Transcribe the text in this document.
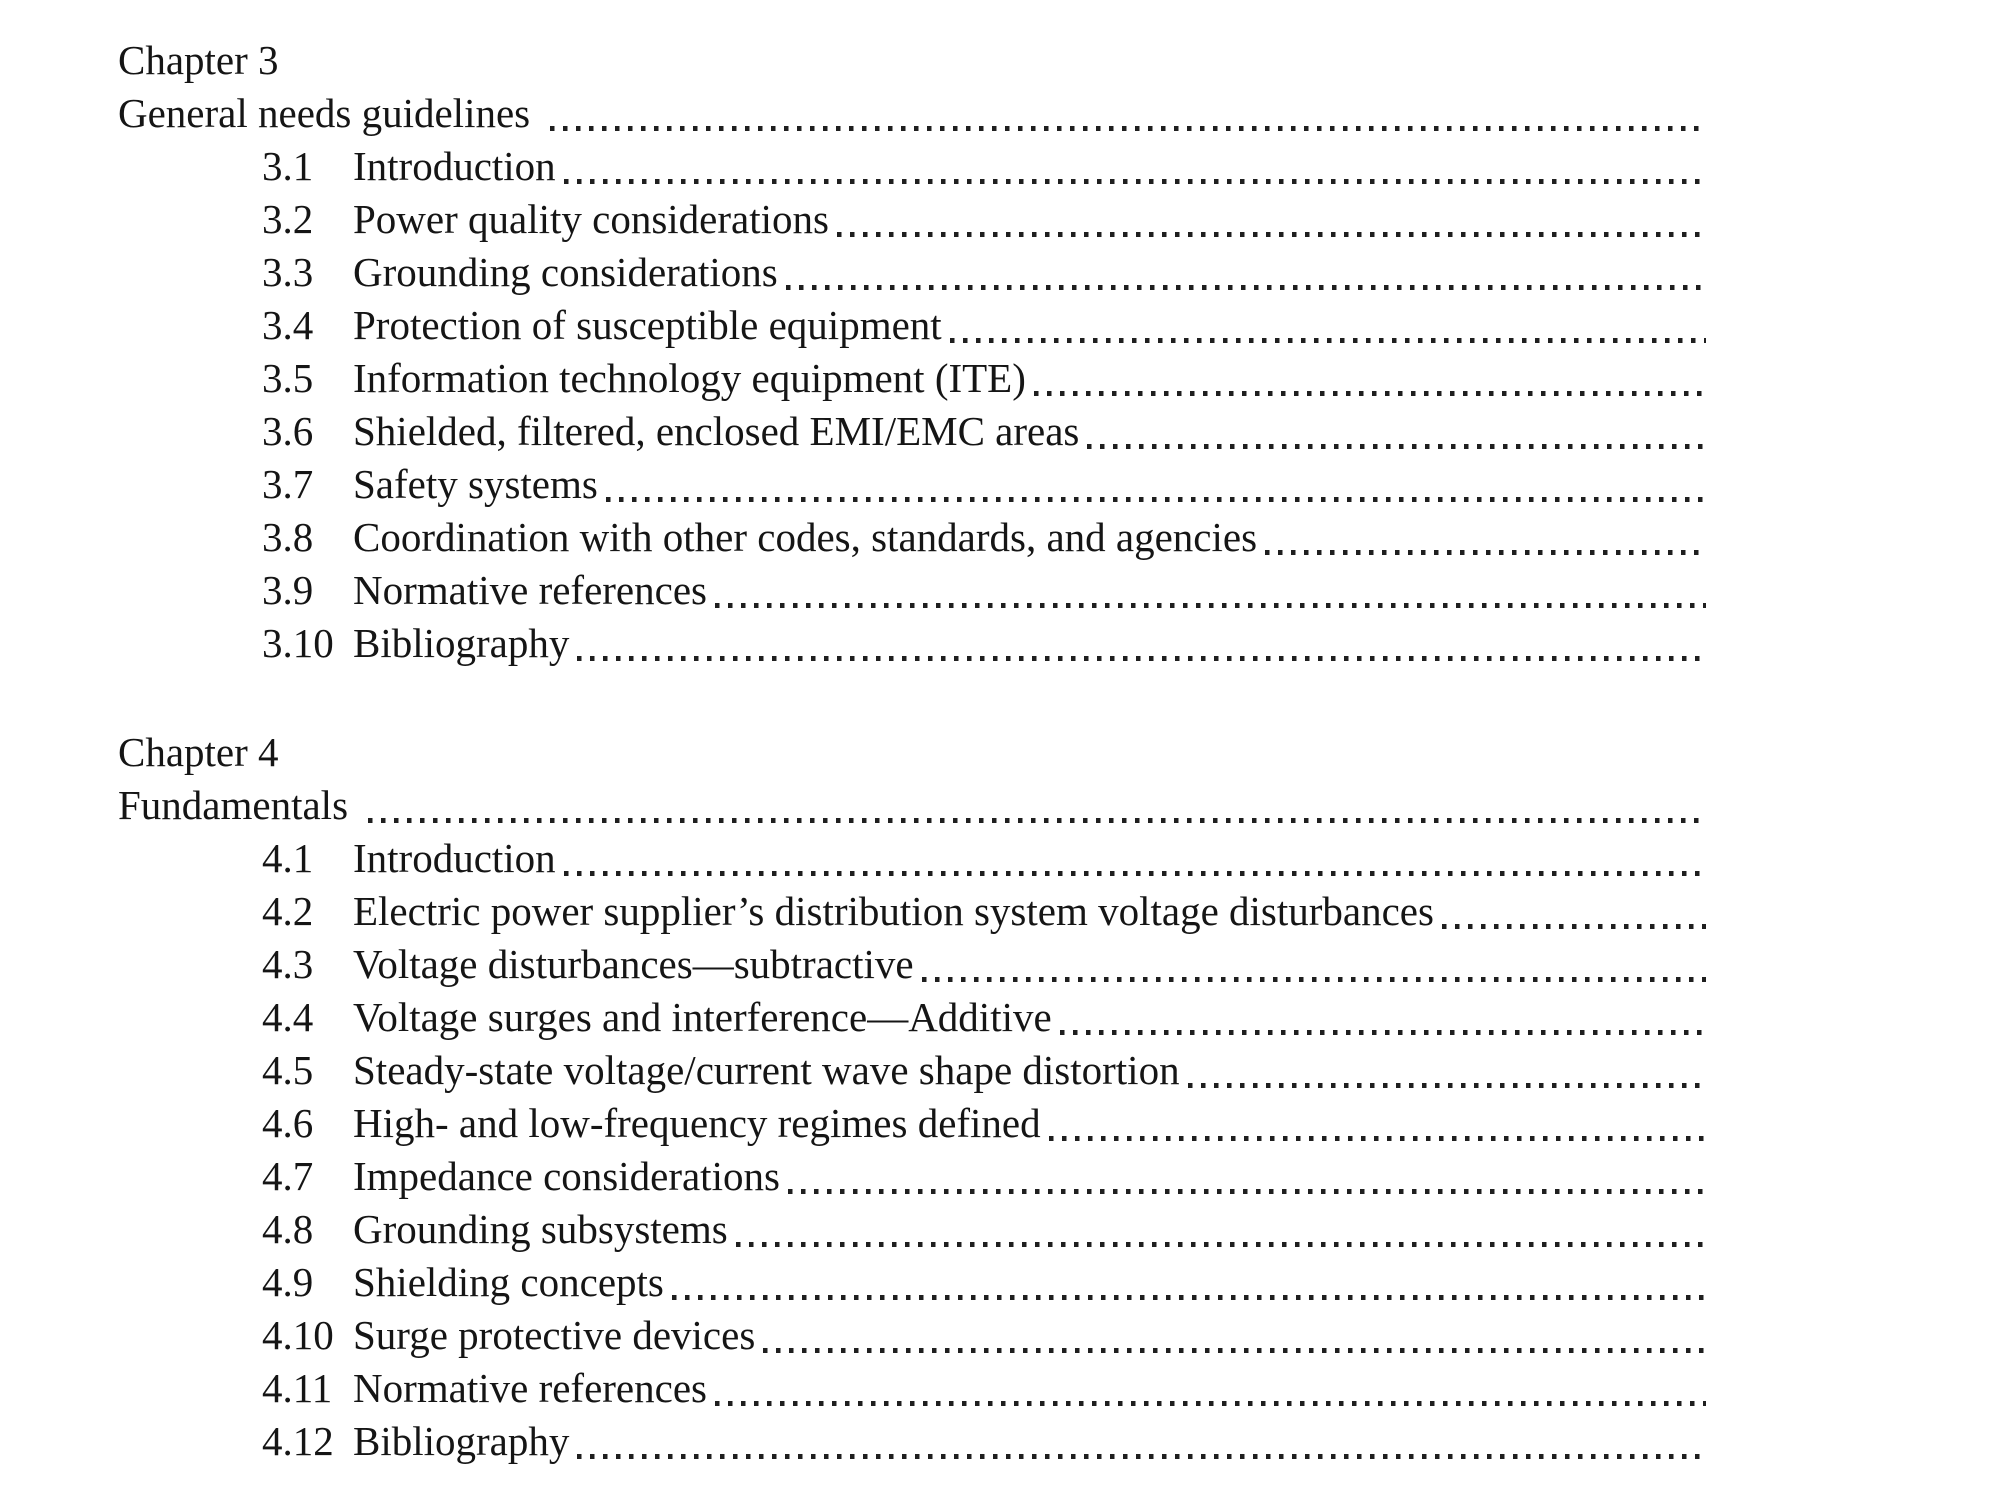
Chapter 3
General needs guidelines
3.1 Introduction
3.2 Power quality considerations
3.3 Grounding considerations
3.4 Protection of susceptible equipment
3.5 Information technology equipment (ITE)
3.6 Shielded, filtered, enclosed EMI/EMC areas
3.7 Safety systems
3.8 Coordination with other codes, standards, and agencies
3.9 Normative references
3.10 Bibliography
Chapter 4
Fundamentals
4.1 Introduction
4.2 Electric power supplier’s distribution system voltage disturbances
4.3 Voltage disturbances—subtractive
4.4 Voltage surges and interference—Additive
4.5 Steady-state voltage/current wave shape distortion
4.6 High- and low-frequency regimes defined
4.7 Impedance considerations
4.8 Grounding subsystems
4.9 Shielding concepts
4.10 Surge protective devices
4.11 Normative references
4.12 Bibliography
